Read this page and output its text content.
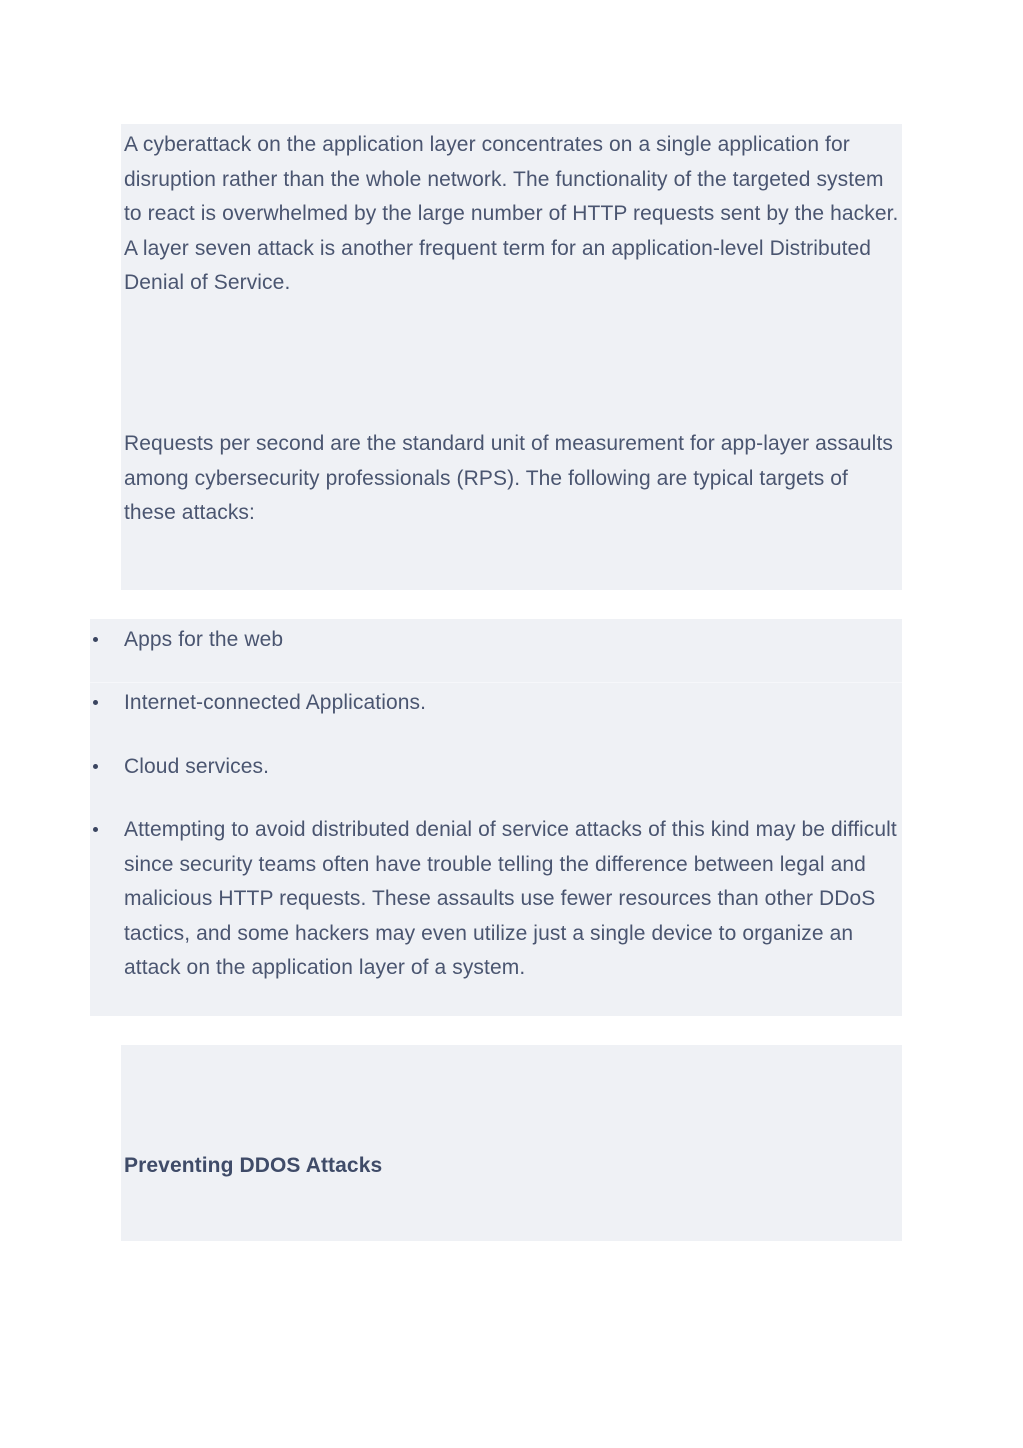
A cyberattack on the application layer concentrates on a single application for disruption rather than the whole network. The functionality of the targeted system to react is overwhelmed by the large number of HTTP requests sent by the hacker. A layer seven attack is another frequent term for an application-level Distributed Denial of Service.

Requests per second are the standard unit of measurement for app-layer assaults among cybersecurity professionals (RPS). The following are typical targets of these attacks:

Apps for the web
Internet-connected Applications.
Cloud services.
Attempting to avoid distributed denial of service attacks of this kind may be difficult since security teams often have trouble telling the difference between legal and malicious HTTP requests. These assaults use fewer resources than other DDoS tactics, and some hackers may even utilize just a single device to organize an attack on the application layer of a system.
Preventing DDOS Attacks
